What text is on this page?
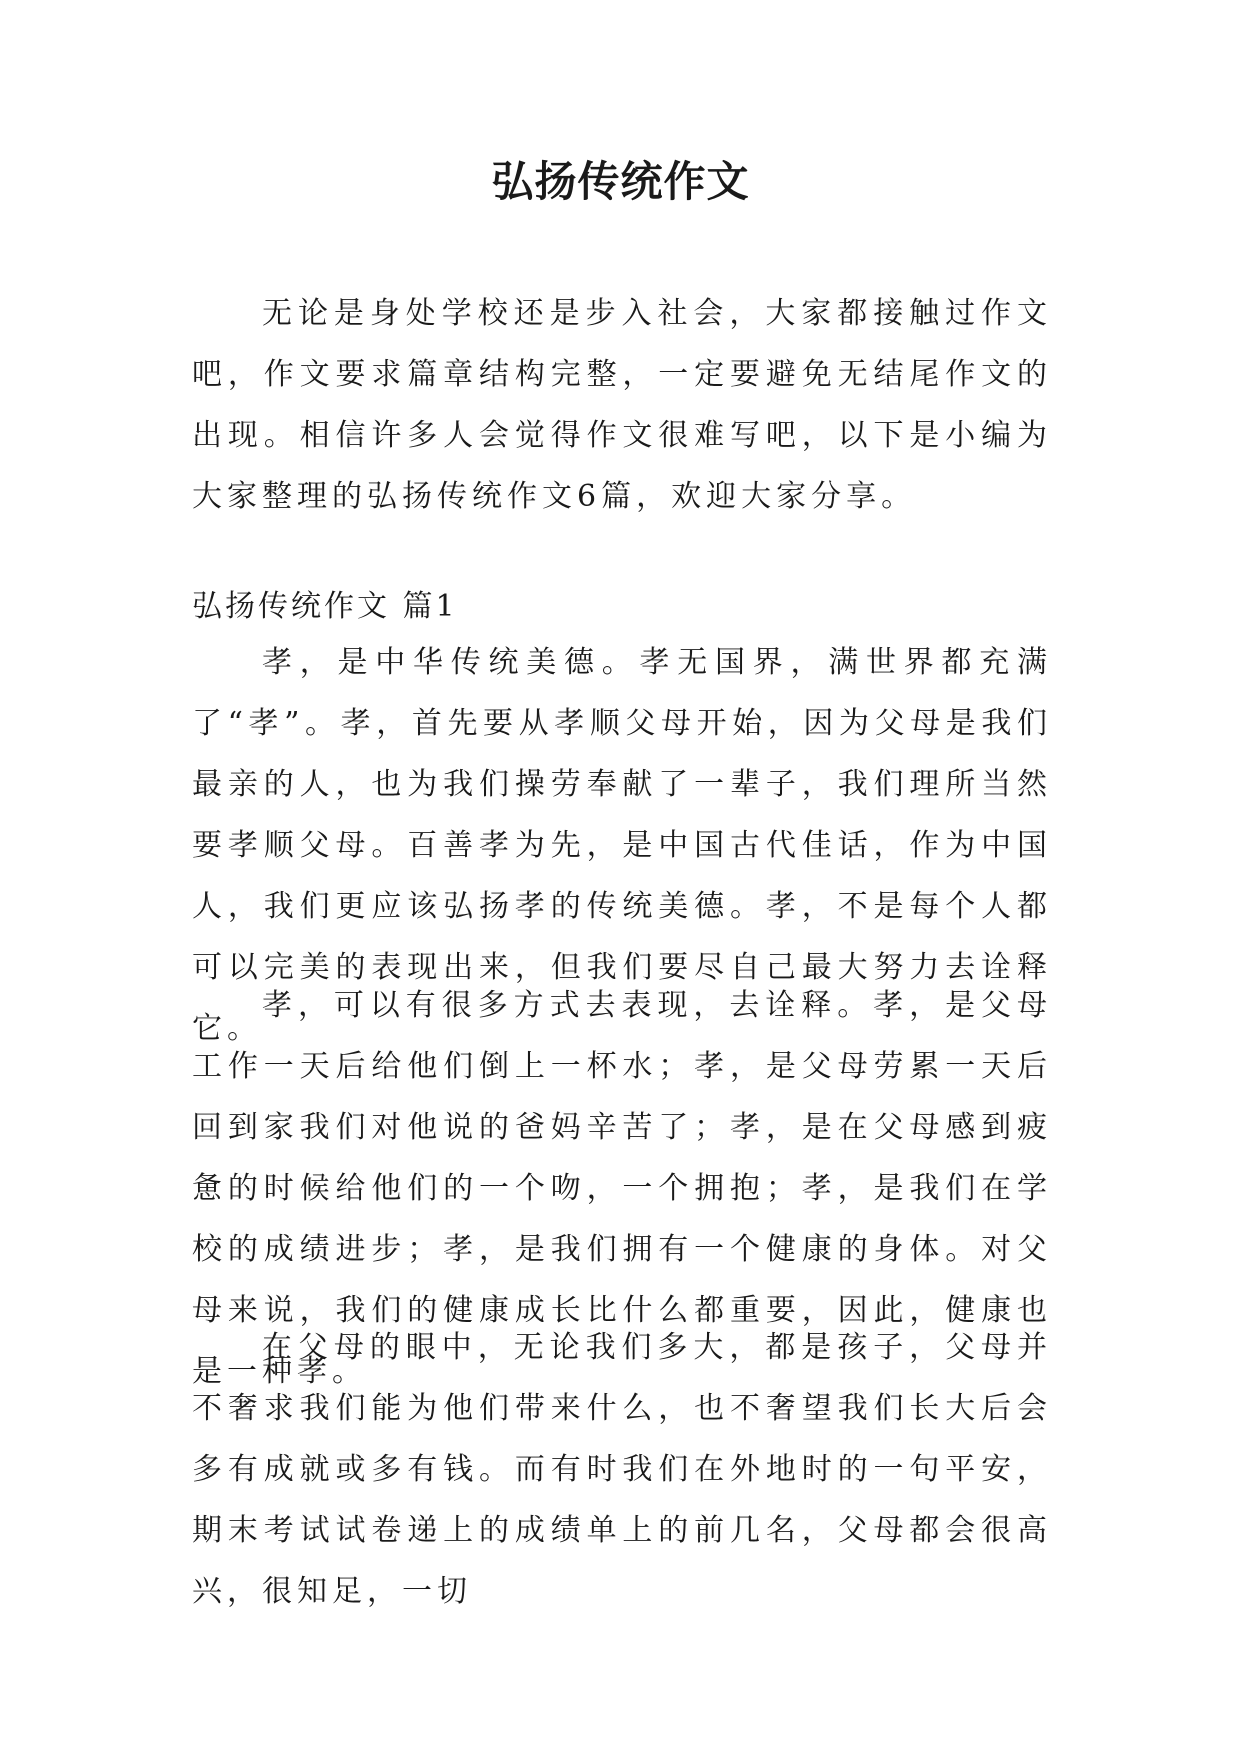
弘扬传统作文

无论是身处学校还是步入社会，大家都接触过作文吧，作文要求篇章结构完整，一定要避免无结尾作文的出现。相信许多人会觉得作文很难写吧，以下是小编为大家整理的弘扬传统作文6篇，欢迎大家分享。

弘扬传统作文 篇1

孝，是中华传统美德。孝无国界，满世界都充满了“孝”。孝，首先要从孝顺父母开始，因为父母是我们最亲的人，也为我们操劳奉献了一辈子，我们理所当然要孝顺父母。百善孝为先，是中国古代佳话，作为中国人，我们更应该弘扬孝的传统美德。孝，不是每个人都可以完美的表现出来，但我们要尽自己最大努力去诠释它。

孝，可以有很多方式去表现，去诠释。孝，是父母工作一天后给他们倒上一杯水；孝，是父母劳累一天后回到家我们对他说的爸妈辛苦了；孝，是在父母感到疲惫的时候给他们的一个吻，一个拥抱；孝，是我们在学校的成绩进步；孝，是我们拥有一个健康的身体。对父母来说，我们的健康成长比什么都重要，因此，健康也是一种孝。

在父母的眼中，无论我们多大，都是孩子，父母并不奢求我们能为他们带来什么，也不奢望我们长大后会多有成就或多有钱。而有时我们在外地时的一句平安，期末考试试卷递上的成绩单上的前几名，父母都会很高兴，很知足，一切
